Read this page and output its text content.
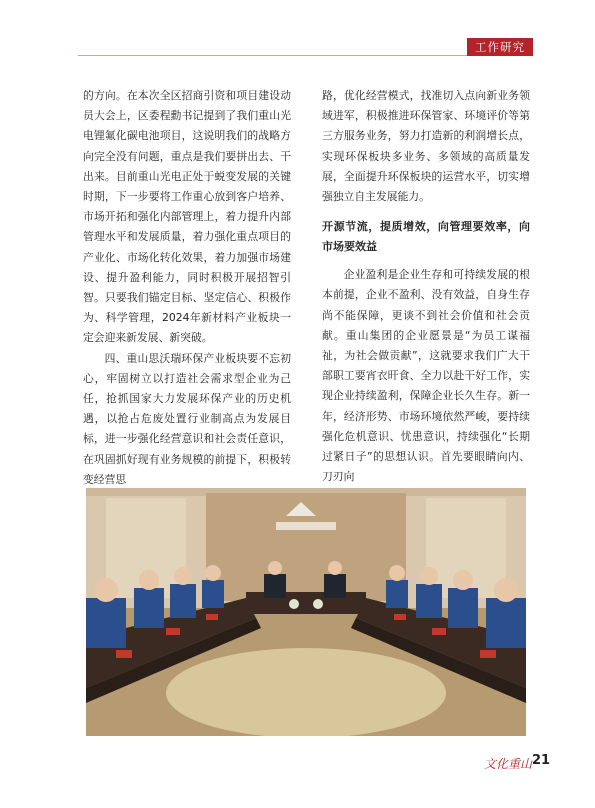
工作研究

的方向。在本次全区招商引资和项目建设动员大会上，区委程勳书记提到了我们重山光电锂氟化碳电池项目，这说明我们的战略方向完全没有问题，重点是我们要拼出去、干出来。目前重山光电正处于蜕变发展的关键时期，下一步要将工作重心放到客户培养、市场开拓和强化内部管理上，着力提升内部管理水平和发展质量，着力强化重点项目的产业化、市场化转化效果，着力加强市场建设、提升盈利能力，同时积极开展招智引智。只要我们锚定目标、坚定信心、积极作为、科学管理，2024年新材料产业板块一定会迎来新发展、新突破。

四、重山思沃瑞环保产业板块要不忘初心，牢固树立以打造社会需求型企业为己任，抢抓国家大力发展环保产业的历史机遇，以抢占危废处置行业制高点为发展目标，进一步强化经营意识和社会责任意识，在巩固抓好现有业务规模的前提下，积极转变经营思

路，优化经营模式，找准切入点向新业务领域进军，积极推进环保管家、环境评价等第三方服务业务，努力打造新的利润增长点，实现环保板块多业务、多领域的高质量发展，全面提升环保板块的运营水平，切实增强独立自主发展能力。

开源节流，提质增效，向管理要效率，向市场要效益

企业盈利是企业生存和可持续发展的根本前提，企业不盈利、没有效益，自身生存尚不能保障，更谈不到社会价值和社会贡献。重山集团的企业愿景是“为员工谋福祉，为社会做贡献”，这就要求我们广大干部职工要宵衣旰食、全力以赴干好工作，实现企业持续盈利，保障企业长久生存。新一年，经济形势、市场环境依然严峻，要持续强化危机意识、忧患意识，持续强化“长期过紧日子”的思想认识。首先要眼睛向内、刀刃向

文化重山 21
